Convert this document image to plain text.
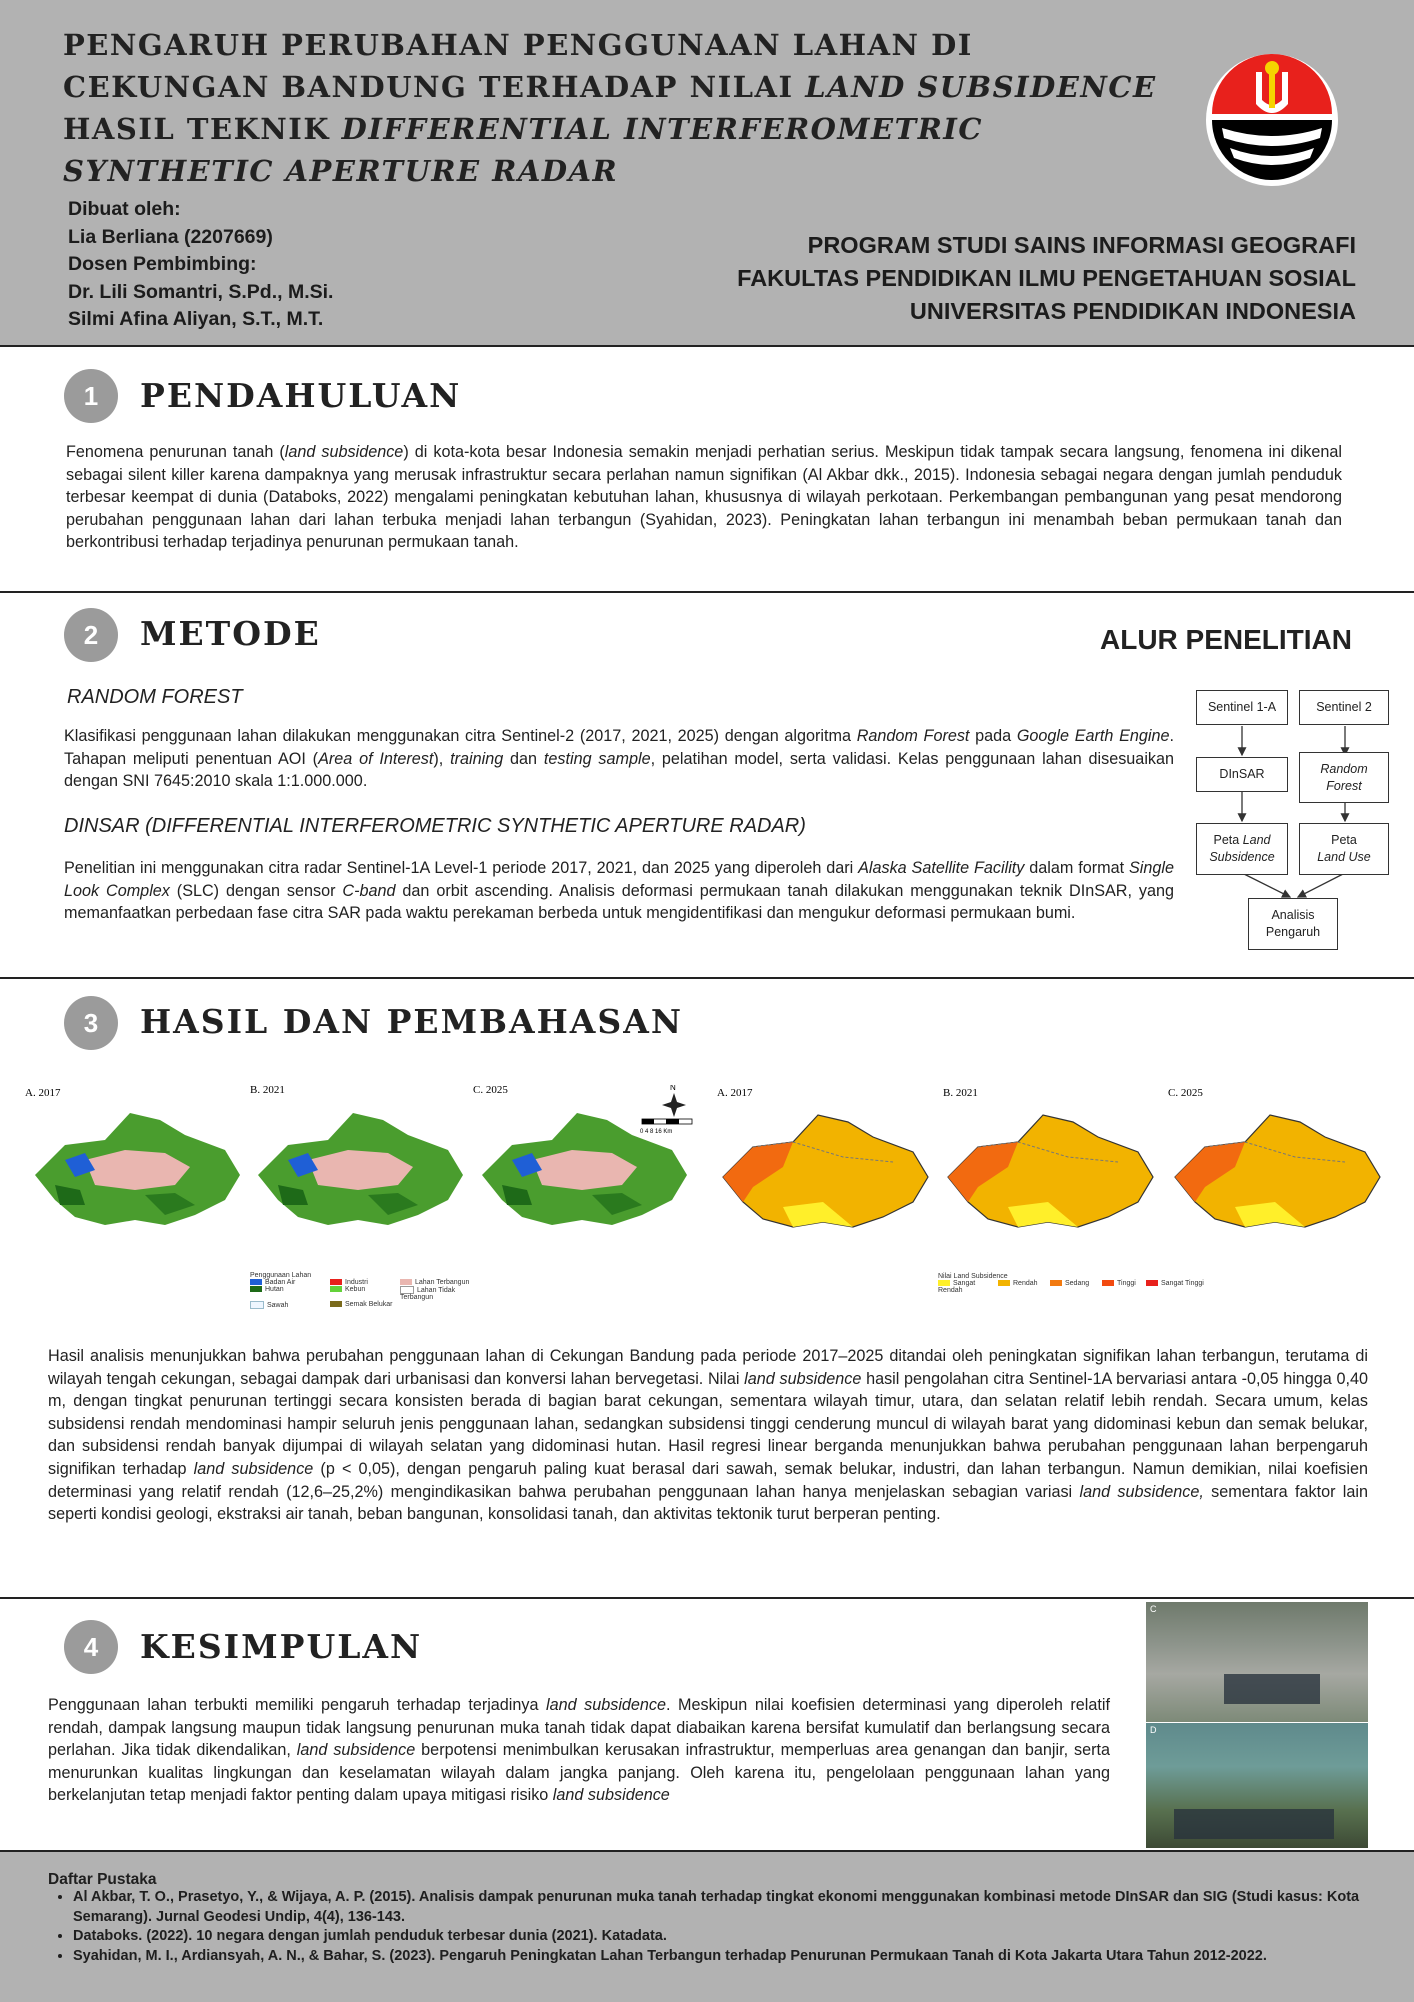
PENGARUH PERUBAHAN PENGGUNAAN LAHAN DI CEKUNGAN BANDUNG TERHADAP NILAI LAND SUBSIDENCE HASIL TEKNIK DIFFERENTIAL INTERFEROMETRIC SYNTHETIC APERTURE RADAR
Dibuat oleh:
Lia Berliana (2207669)
Dosen Pembimbing:
Dr. Lili Somantri, S.Pd., M.Si.
Silmi Afina Aliyan, S.T., M.T.
PROGRAM STUDI SAINS INFORMASI GEOGRAFI
FAKULTAS PENDIDIKAN ILMU PENGETAHUAN SOSIAL
UNIVERSITAS PENDIDIKAN INDONESIA
1	PENDAHULUAN
Fenomena penurunan tanah (land subsidence) di kota-kota besar Indonesia semakin menjadi perhatian serius. Meskipun tidak tampak secara langsung, fenomena ini dikenal sebagai silent killer karena dampaknya yang merusak infrastruktur secara perlahan namun signifikan (Al Akbar dkk., 2015). Indonesia sebagai negara dengan jumlah penduduk terbesar keempat di dunia (Databoks, 2022) mengalami peningkatan kebutuhan lahan, khususnya di wilayah perkotaan. Perkembangan pembangunan yang pesat mendorong perubahan penggunaan lahan dari lahan terbuka menjadi lahan terbangun (Syahidan, 2023). Peningkatan lahan terbangun ini menambah beban permukaan tanah dan berkontribusi terhadap terjadinya penurunan permukaan tanah.
2	METODE	ALUR PENELITIAN
RANDOM FOREST
Klasifikasi penggunaan lahan dilakukan menggunakan citra Sentinel-2 (2017, 2021, 2025) dengan algoritma Random Forest pada Google Earth Engine. Tahapan meliputi penentuan AOI (Area of Interest), training dan testing sample, pelatihan model, serta validasi. Kelas penggunaan lahan disesuaikan dengan SNI 7645:2010 skala 1:1.000.000.
DINSAR (DIFFERENTIAL INTERFEROMETRIC SYNTHETIC APERTURE RADAR)
Penelitian ini menggunakan citra radar Sentinel-1A Level-1 periode 2017, 2021, dan 2025 yang diperoleh dari Alaska Satellite Facility dalam format Single Look Complex (SLC) dengan sensor C-band dan orbit ascending. Analisis deformasi permukaan tanah dilakukan menggunakan teknik DInSAR, yang memanfaatkan perbedaan fase citra SAR pada waktu perekaman berbeda untuk mengidentifikasi dan mengukur deformasi permukaan bumi.
Sentinel 1-A	Sentinel 2
DInSAR	Random
Forest
Peta Land
Subsidence
Peta
Land Use
Analisis
Pengaruh
3	HASIL DAN PEMBAHASAN
A. 2017	B. 2021	C. 2025	N
0 4 8 16 Km
Penggunaan Lahan
Badan Air	Industri	Lahan Terbangun
Hutan	Kebun	Lahan Tidak Terbangun
Sawah	Semak Belukar
A. 2017	B. 2021	C. 2025
Nilai Land Subsidence
Sangat Rendah
Rendah	Sedang	Tinggi	Sangat Tinggi
Hasil analisis menunjukkan bahwa perubahan penggunaan lahan di Cekungan Bandung pada periode 2017–2025 ditandai oleh peningkatan signifikan lahan terbangun, terutama di wilayah tengah cekungan, sebagai dampak dari urbanisasi dan konversi lahan bervegetasi. Nilai land subsidence hasil pengolahan citra Sentinel-1A bervariasi antara -0,05 hingga 0,40 m, dengan tingkat penurunan tertinggi secara konsisten berada di bagian barat cekungan, sementara wilayah timur, utara, dan selatan relatif lebih rendah. Secara umum, kelas subsidensi rendah mendominasi hampir seluruh jenis penggunaan lahan, sedangkan subsidensi tinggi cenderung muncul di wilayah barat yang didominasi kebun dan semak belukar, dan subsidensi rendah banyak dijumpai di wilayah selatan yang didominasi hutan. Hasil regresi linear berganda menunjukkan bahwa perubahan penggunaan lahan berpengaruh signifikan terhadap land subsidence (p < 0,05), dengan pengaruh paling kuat berasal dari sawah, semak belukar, industri, dan lahan terbangun. Namun demikian, nilai koefisien determinasi yang relatif rendah (12,6–25,2%) mengindikasikan bahwa perubahan penggunaan lahan hanya menjelaskan sebagian variasi land subsidence, sementara faktor lain seperti kondisi geologi, ekstraksi air tanah, beban bangunan, konsolidasi tanah, dan aktivitas tektonik turut berperan penting.
4	KESIMPULAN
Penggunaan lahan terbukti memiliki pengaruh terhadap terjadinya land subsidence. Meskipun nilai koefisien determinasi yang diperoleh relatif rendah, dampak langsung maupun tidak langsung penurunan muka tanah tidak dapat diabaikan karena bersifat kumulatif dan berlangsung secara perlahan. Jika tidak dikendalikan, land subsidence berpotensi menimbulkan kerusakan infrastruktur, memperluas area genangan dan banjir, serta menurunkan kualitas lingkungan dan keselamatan wilayah dalam jangka panjang. Oleh karena itu, pengelolaan penggunaan lahan yang berkelanjutan tetap menjadi faktor penting dalam upaya mitigasi risiko land subsidence
C
D
Daftar Pustaka
• Al Akbar, T. O., Prasetyo, Y., & Wijaya, A. P. (2015). Analisis dampak penurunan muka tanah terhadap tingkat ekonomi menggunakan kombinasi metode DInSAR dan SIG (Studi kasus: Kota Semarang). Jurnal Geodesi Undip, 4(4), 136-143.
• Databoks. (2022). 10 negara dengan jumlah penduduk terbesar dunia (2021). Katadata.
• Syahidan, M. I., Ardiansyah, A. N., & Bahar, S. (2023). Pengaruh Peningkatan Lahan Terbangun terhadap Penurunan Permukaan Tanah di Kota Jakarta Utara Tahun 2012-2022.
